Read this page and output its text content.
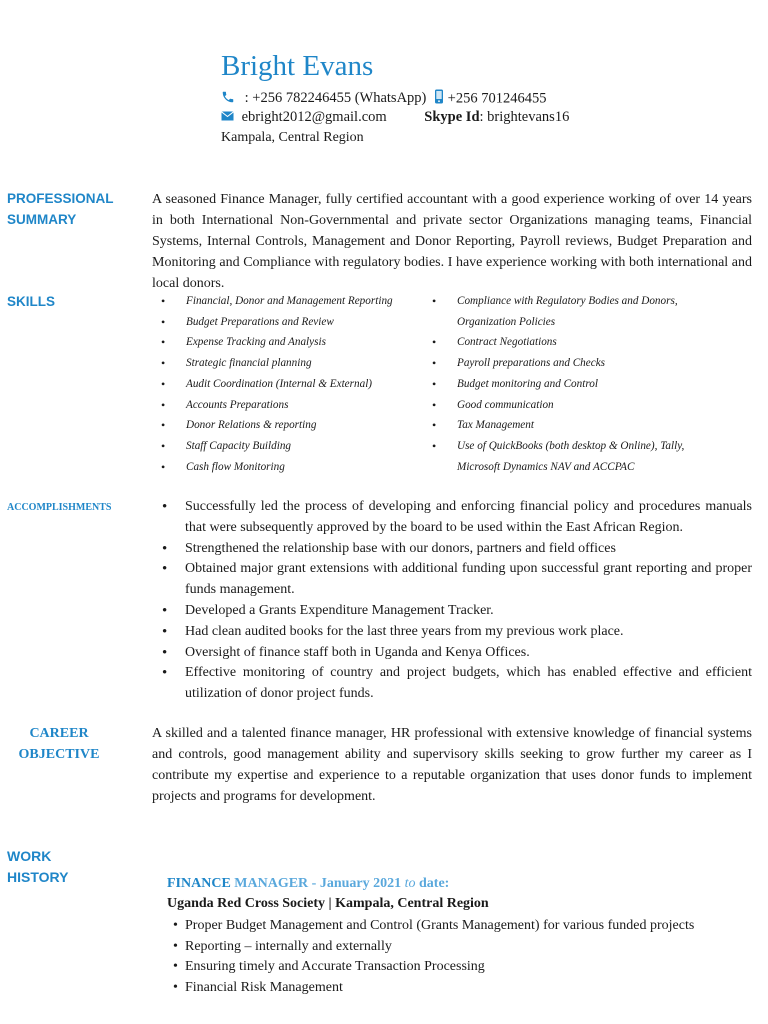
Bright Evans
: +256 782246455 (WhatsApp) +256 701246455
ebright2012@gmail.com	Skype Id: brightevans16
Kampala, Central Region
PROFESSIONAL
SUMMARY
A seasoned Finance Manager, fully certified accountant with a good experience working of over 14 years in both International Non-Governmental and private sector Organizations managing teams, Financial Systems, Internal Controls, Management and Donor Reporting, Payroll reviews, Budget Preparation and Monitoring and Compliance with regulatory bodies. I have experience working with both international and local donors.
SKILLS	• Financial, Donor and Management Reporting
• Budget Preparations and Review
• Expense Tracking and Analysis
• Strategic financial planning
• Audit Coordination (Internal & External)
• Accounts Preparations
• Donor Relations & reporting
• Staff Capacity Building
• Cash flow Monitoring
• Compliance with Regulatory Bodies and Donors, Organization Policies
• Contract Negotiations
• Payroll preparations and Checks
• Budget monitoring and Control
• Good communication
• Tax Management
• Use of QuickBooks (both desktop & Online), Tally, Microsoft Dynamics NAV and ACCPAC
ACCOMPLISHMENTS	• Successfully led the process of developing and enforcing financial policy and procedures manuals that were subsequently approved by the board to be used within the East African Region.
• Strengthened the relationship base with our donors, partners and field offices
• Obtained major grant extensions with additional funding upon successful grant reporting and proper funds management.
• Developed a Grants Expenditure Management Tracker.
• Had clean audited books for the last three years from my previous work place.
• Oversight of finance staff both in Uganda and Kenya Offices.
• Effective monitoring of country and project budgets, which has enabled effective and efficient utilization of donor project funds.
CAREER
OBJECTIVE
A skilled and a talented finance manager, HR professional with extensive knowledge of financial systems and controls, good management ability and supervisory skills seeking to grow further my career as I contribute my expertise and experience to a reputable organization that uses donor funds to implement projects and programs for development.
WORK
HISTORY	FINANCE MANAGER - January 2021 to date:
Uganda Red Cross Society | Kampala, Central Region
• Proper Budget Management and Control (Grants Management) for various funded projects
• Reporting – internally and externally
• Ensuring timely and Accurate Transaction Processing
• Financial Risk Management
